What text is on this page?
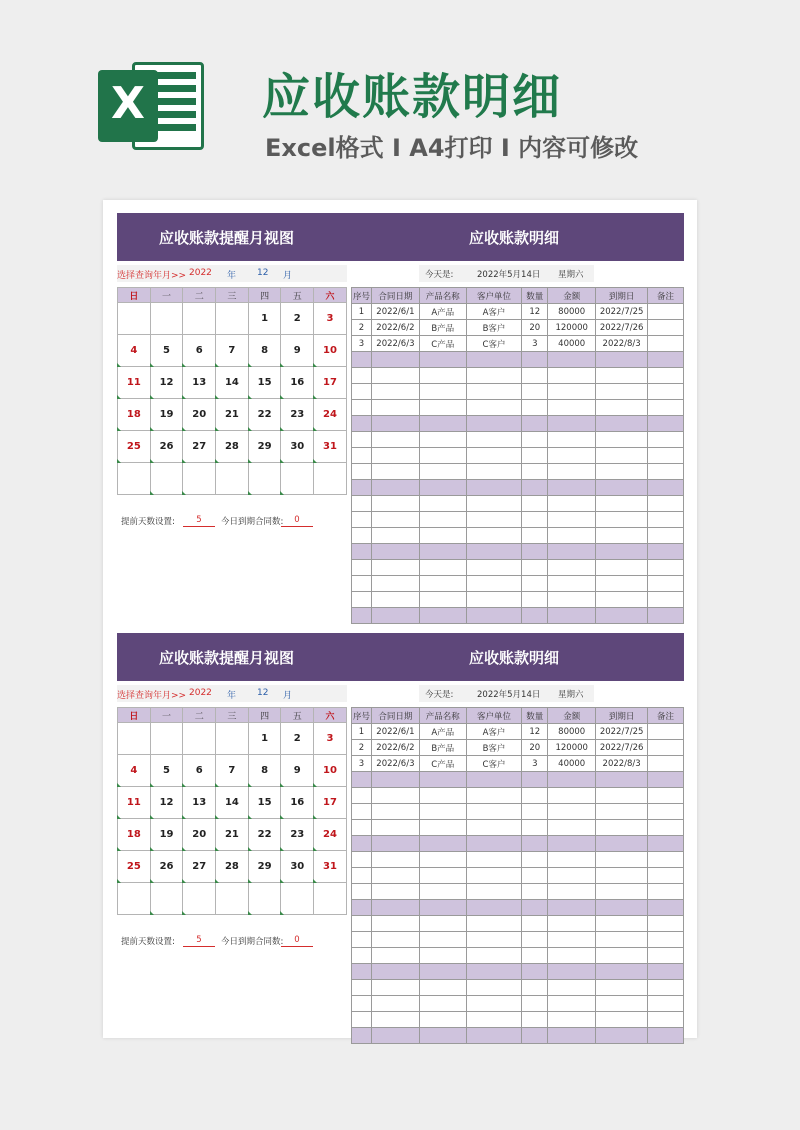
X 应收账款明细
Excel格式 I A4打印 I 内容可修改
应收账款提醒月视图	应收账款明细
选择查询年月>> 2022 年 12 月	今天是:	2022年5月14日 星期六
日	一	二	三	四	五	六
				1	2	3
4	5	6	7	8	9	10
11	12	13	14	15	16	17
18	19	20	21	22	23	24
25	26	27	28	29	30	31

提前天数设置:	5	今日到期合同数:	0
序号	合同日期	产品名称	客户单位	数量	金额	到期日	备注
1	2022/6/1	A产品	A客户	12	80000	2022/7/25	
2	2022/6/2	B产品	B客户	20	120000	2022/7/26	
3	2022/6/3	C产品	C客户	3	40000	2022/8/3	

应收账款提醒月视图	应收账款明细
选择查询年月>> 2022 年 12 月	今天是:	2022年5月14日 星期六
日	一	二	三	四	五	六
				1	2	3
4	5	6	7	8	9	10
11	12	13	14	15	16	17
18	19	20	21	22	23	24
25	26	27	28	29	30	31

提前天数设置:	5	今日到期合同数:	0
序号	合同日期	产品名称	客户单位	数量	金额	到期日	备注
1	2022/6/1	A产品	A客户	12	80000	2022/7/25	
2	2022/6/2	B产品	B客户	20	120000	2022/7/26	
3	2022/6/3	C产品	C客户	3	40000	2022/8/3	
